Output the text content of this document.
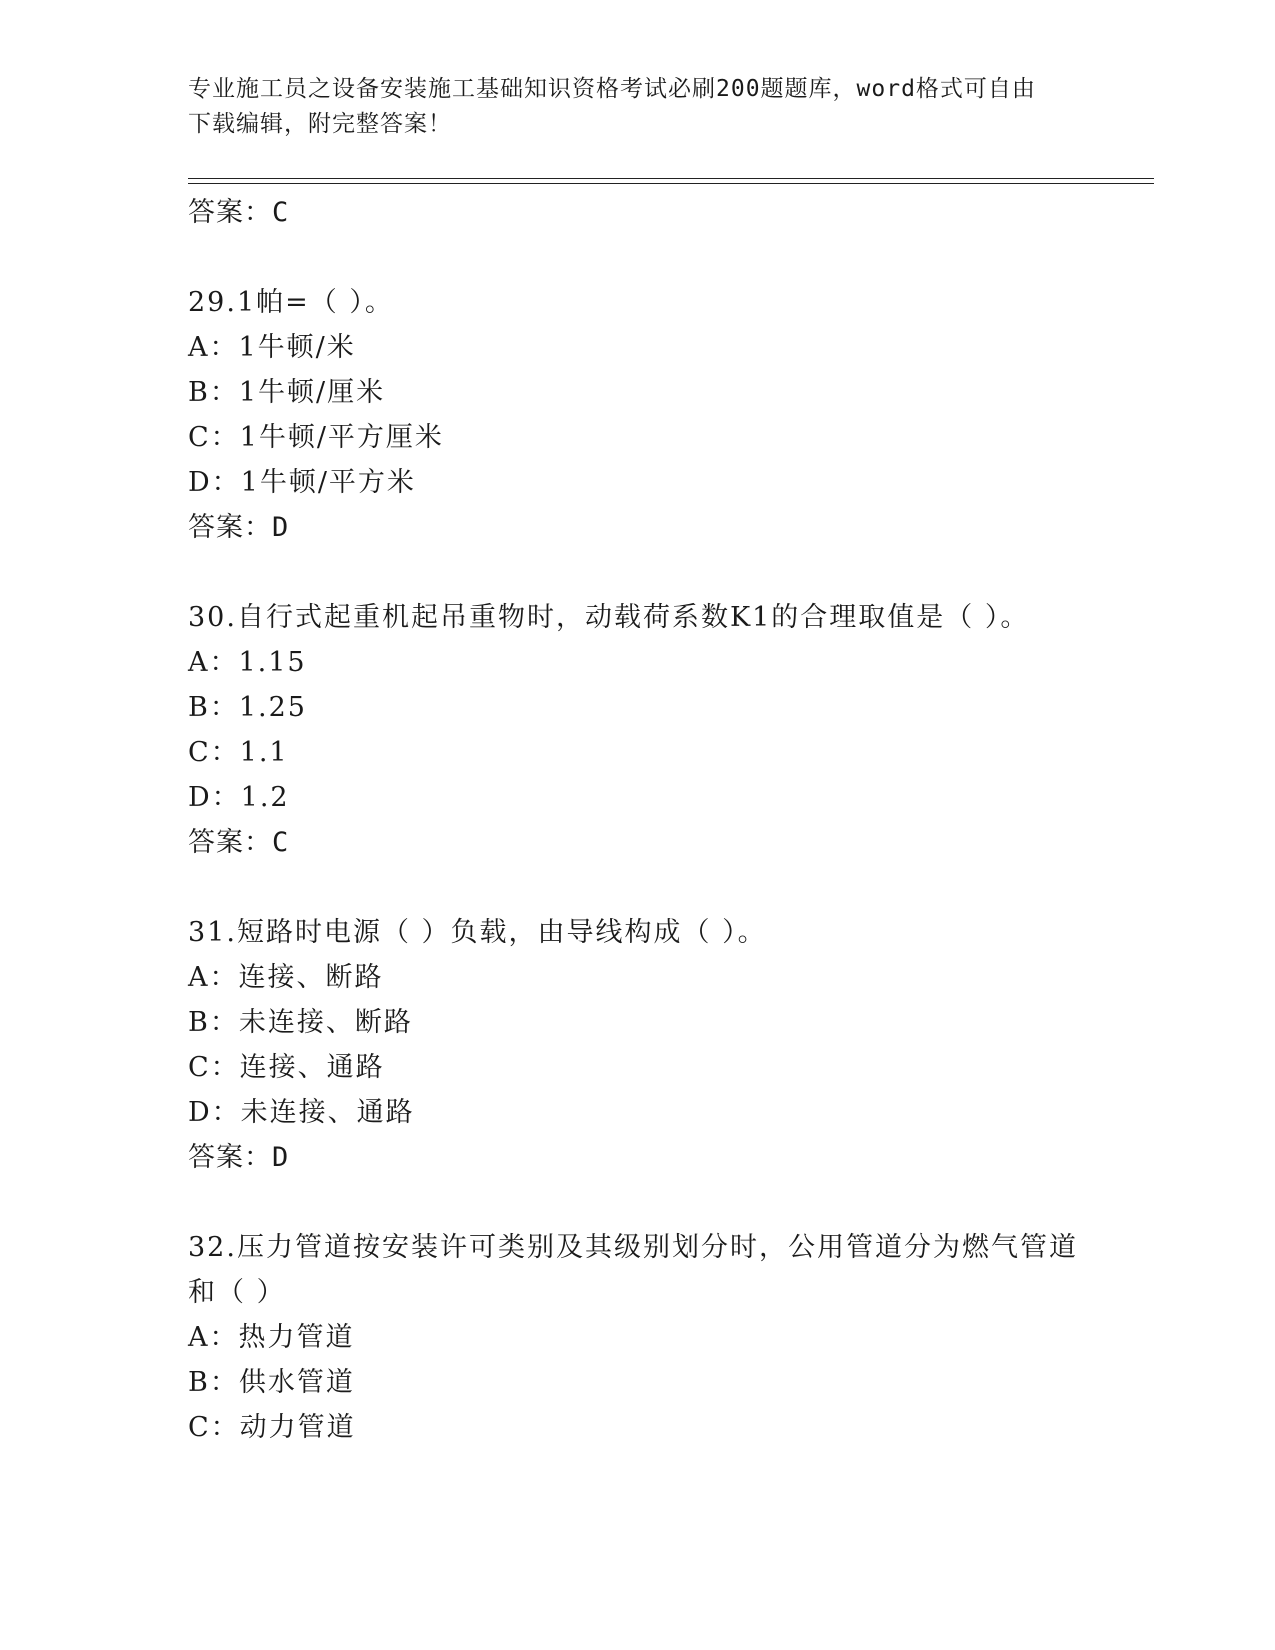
专业施工员之设备安装施工基础知识资格考试必刷200题题库，word格式可自由
下载编辑，附完整答案！
答案：C
29.1帕=（ ）。
A：1牛顿/米
B：1牛顿/厘米
C：1牛顿/平方厘米
D：1牛顿/平方米
答案：D
30.自行式起重机起吊重物时，动载荷系数K1的合理取值是（ ）。
A：1.15
B：1.25
C：1.1
D：1.2
答案：C
31.短路时电源（ ）负载，由导线构成（ ）。
A：连接、断路
B：未连接、断路
C：连接、通路
D：未连接、通路
答案：D
32.压力管道按安装许可类别及其级别划分时，公用管道分为燃气管道
和（ ）
A：热力管道
B：供水管道
C：动力管道
